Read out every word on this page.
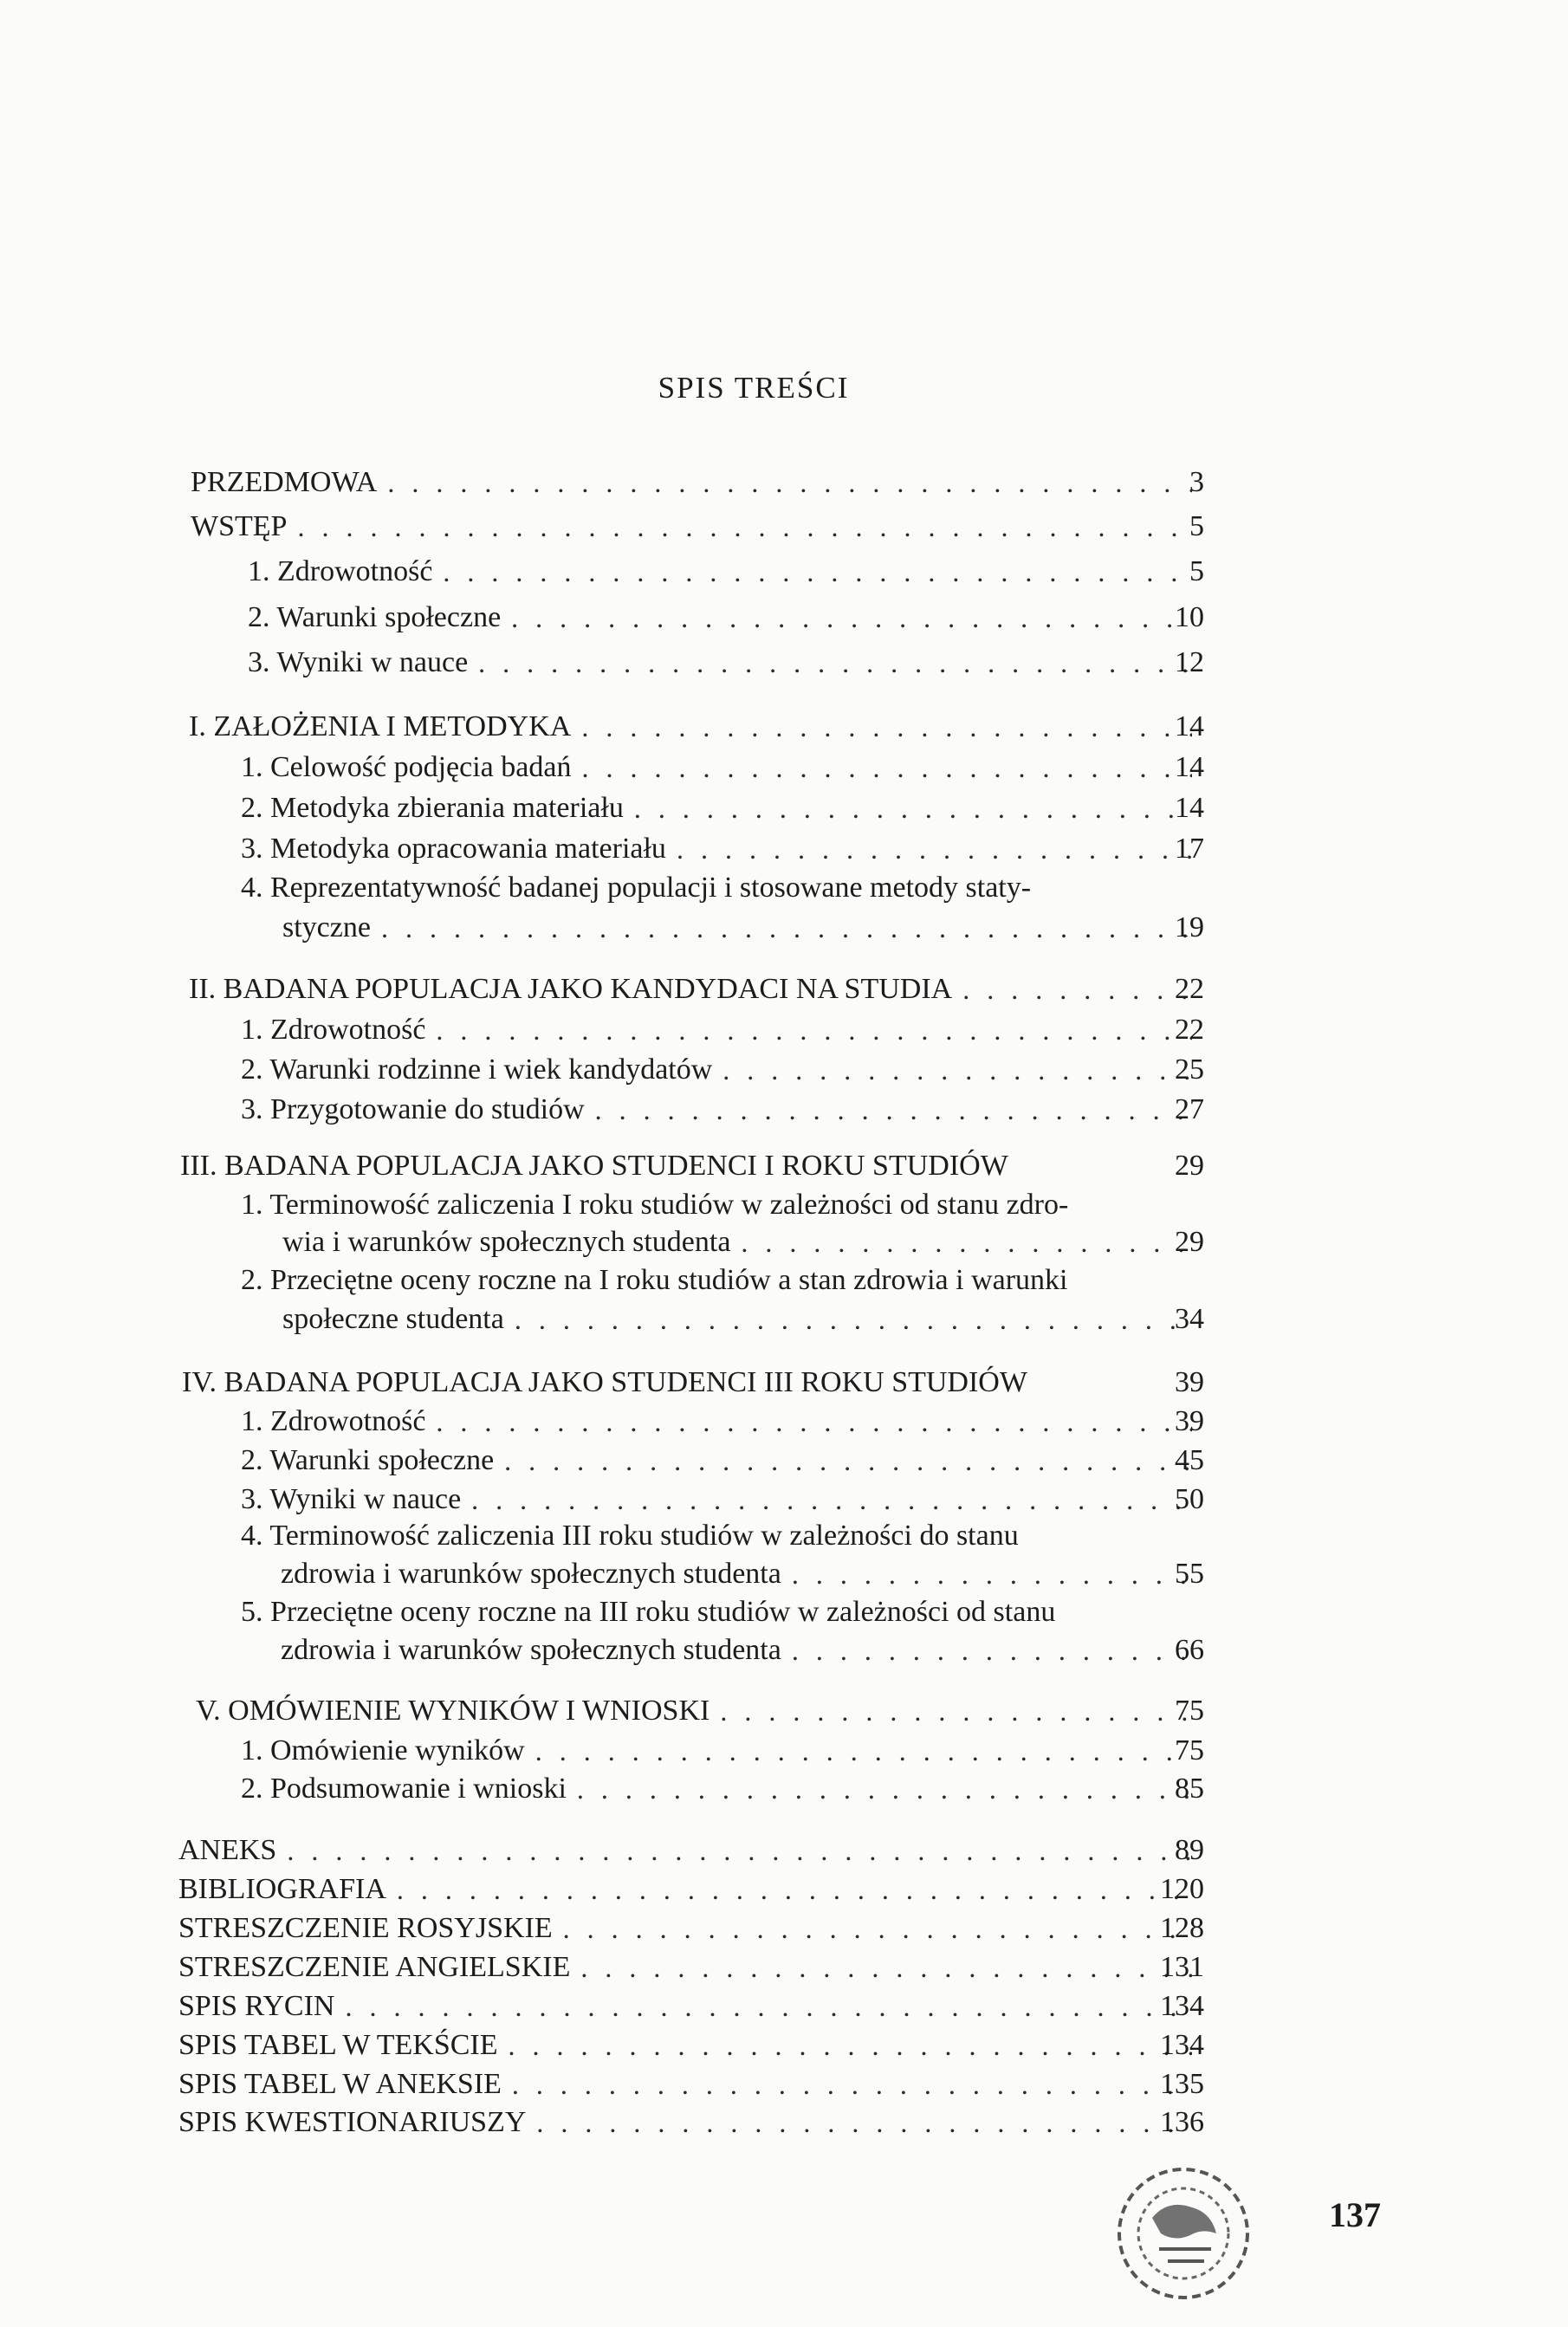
SPIS TREŚCI
PRZEDMOWA . . .	3
WSTĘP . . .	5
1. Zdrowotność . . .	5
2. Warunki społeczne . . .	10
3. Wyniki w nauce . . .	12
I. ZAŁOŻENIA I METODYKA . . .	14
1. Celowość podjęcia badań . . .	14
2. Metodyka zbierania materiału . . .	14
3. Metodyka opracowania materiału . . .	17
4. Reprezentatywność badanej populacji i stosowane metody staty-
styczne . . .	19
II. BADANA POPULACJA JAKO KANDYDACI NA STUDIA . . .	22
1. Zdrowotność . . .	22
2. Warunki rodzinne i wiek kandydatów . . .	25
3. Przygotowanie do studiów . . .	27
III. BADANA POPULACJA JAKO STUDENCI I ROKU STUDIÓW	29
1. Terminowość zaliczenia I roku studiów w zależności od stanu zdro-
wia i warunków społecznych studenta . . .	29
2. Przeciętne oceny roczne na I roku studiów a stan zdrowia i warunki
społeczne studenta . . .	34
IV. BADANA POPULACJA JAKO STUDENCI III ROKU STUDIÓW	39
1. Zdrowotność . . .	39
2. Warunki społeczne . . .	45
3. Wyniki w nauce . . .	50
4. Terminowość zaliczenia III roku studiów w zależności do stanu
zdrowia i warunków społecznych studenta . . .	55
5. Przeciętne oceny roczne na III roku studiów w zależności od stanu
zdrowia i warunków społecznych studenta . . .	66
V. OMÓWIENIE WYNIKÓW I WNIOSKI . . .	75
1. Omówienie wyników . . .	75
2. Podsumowanie i wnioski . . .	85
ANEKS . . .	89
BIBLIOGRAFIA . . .	120
STRESZCZENIE ROSYJSKIE . . .	128
STRESZCZENIE ANGIELSKIE . . .	131
SPIS RYCIN . . .	134
SPIS TABEL W TEKŚCIE . . .	134
SPIS TABEL W ANEKSIE . . .	135
SPIS KWESTIONARIUSZY . . .	136
137
